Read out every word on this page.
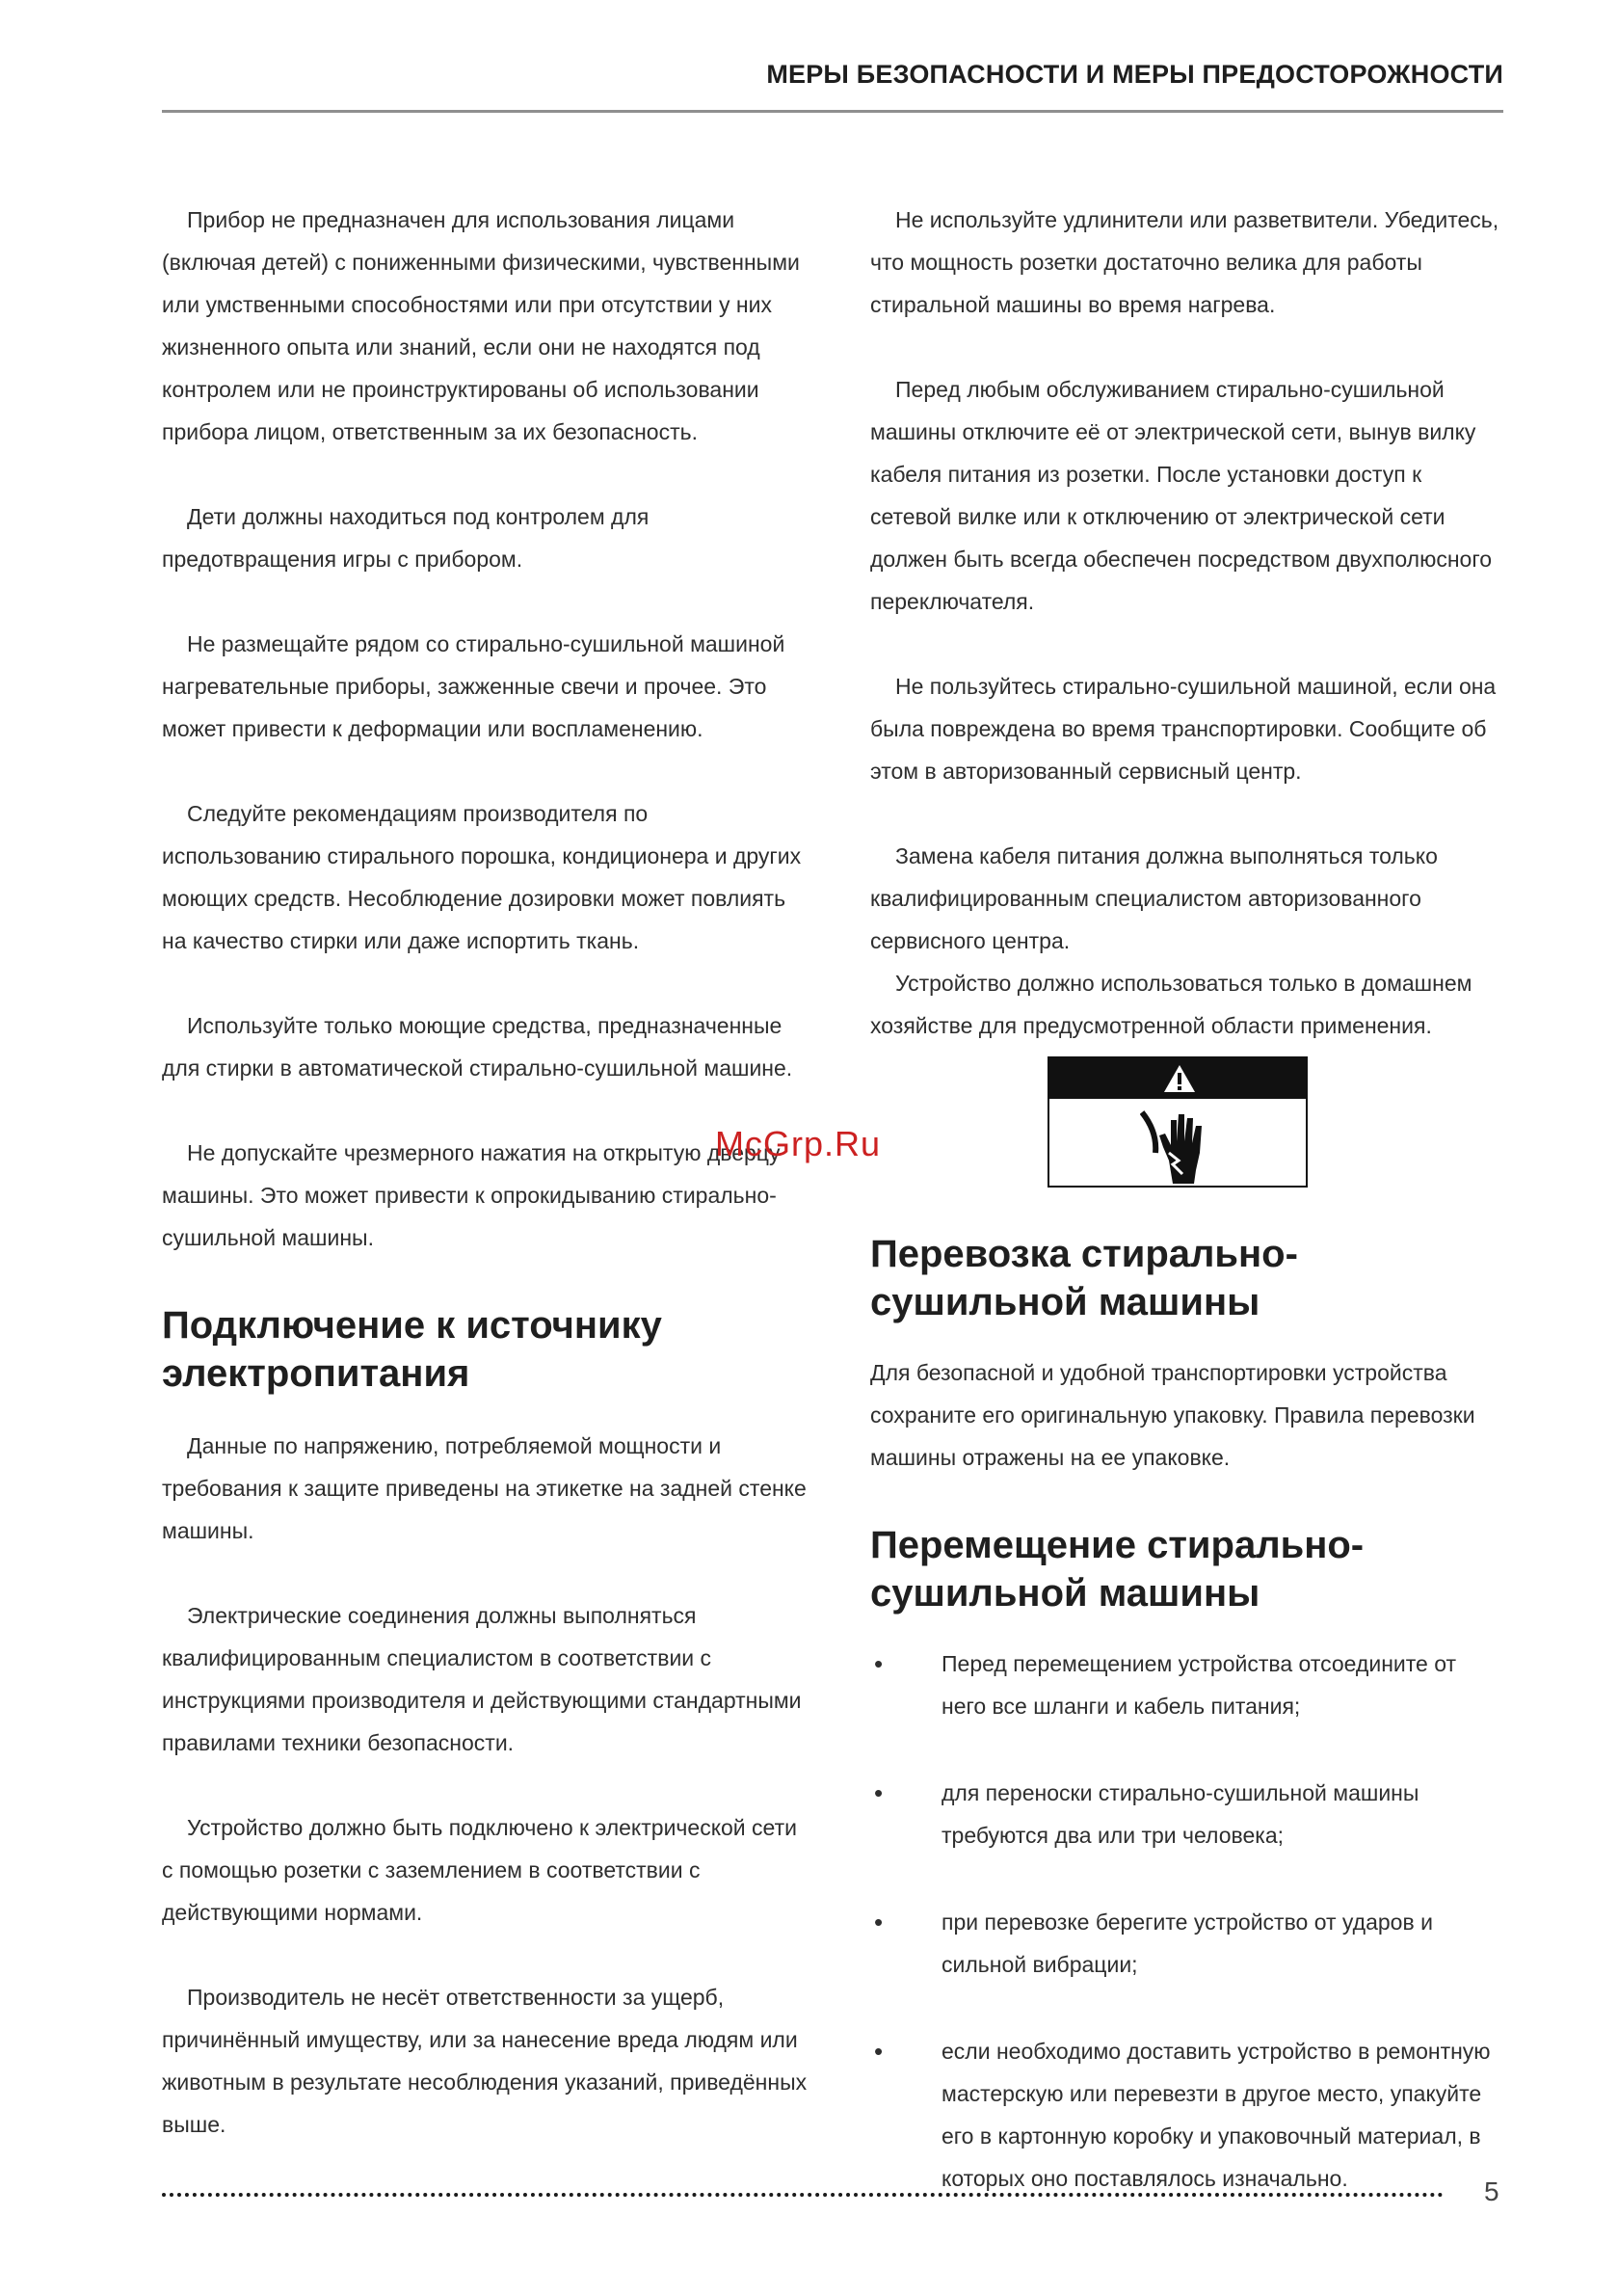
МЕРЫ БЕЗОПАСНОСТИ И МЕРЫ ПРЕДОСТОРОЖНОСТИ

Прибор не предназначен для использования лицами (включая детей) с пониженными физическими, чувственными или умственными способностями или при отсутствии у них жизненного опыта или знаний, если они не находятся под контролем или не проинструктированы об использовании прибора лицом, ответственным за их безопасность.

Дети должны находиться под контролем для предотвращения игры с прибором.

Не размещайте рядом со стирально-сушильной машиной нагревательные приборы, зажженные свечи и прочее. Это может привести к деформации или воспламенению.

Следуйте рекомендациям производителя по использованию стирального порошка, кондиционера и других моющих средств. Несоблюдение дозировки может повлиять на качество стирки или даже испортить ткань.

Используйте только моющие средства, предназначенные для стирки в автоматической стирально-сушильной машине.

Не допускайте чрезмерного нажатия на открытую дверцу машины. Это может привести к опрокидыванию стирально-сушильной машины.

Подключение к источнику электропитания

Данные по напряжению, потребляемой мощности и требования к защите приведены на этикетке на задней стенке машины.

Электрические соединения должны выполняться квалифицированным специалистом в соответствии с инструкциями производителя и действующими стандартными правилами техники безопасности.

Устройство должно быть подключено к электрической сети с помощью розетки с заземлением в соответствии с действующими нормами.

Производитель не несёт ответственности за ущерб, причинённый имуществу, или за нанесение вреда людям или животным в результате несоблюдения указаний, приведённых выше.

Не используйте удлинители или разветвители. Убедитесь, что мощность розетки достаточно велика для работы стиральной машины во время нагрева.

Перед любым обслуживанием стирально-сушильной машины отключите её от электрической сети, вынув вилку кабеля питания из розетки. После установки доступ к сетевой вилке или к отключению от электрической сети должен быть всегда обеспечен посредством двухполюсного переключателя.

Не пользуйтесь стирально-сушильной машиной, если она была повреждена во время транспортировки. Сообщите об этом в авторизованный сервисный центр.

Замена кабеля питания должна выполняться только квалифицированным специалистом авторизованного сервисного центра.

Устройство должно использоваться только в домашнем хозяйстве для предусмотренной области применения.

Перевозка стирально-сушильной машины

Для безопасной и удобной транспортировки устройства сохраните его оригинальную упаковку. Правила перевозки машины отражены на ее упаковке.

Перемещение стирально-сушильной машины
•	Перед перемещением устройства отсоедините от него все шланги и кабель питания;
•	для переноски стирально-сушильной машины требуются два или три человека;
•	при перевозке берегите устройство от ударов и сильной вибрации;
•	если необходимо доставить устройство в ремонтную мастерскую или перевезти в другое место, упакуйте его в картонную коробку и упаковочный материал, в которых оно поставлялось изначально.
McGrp.Ru
5
